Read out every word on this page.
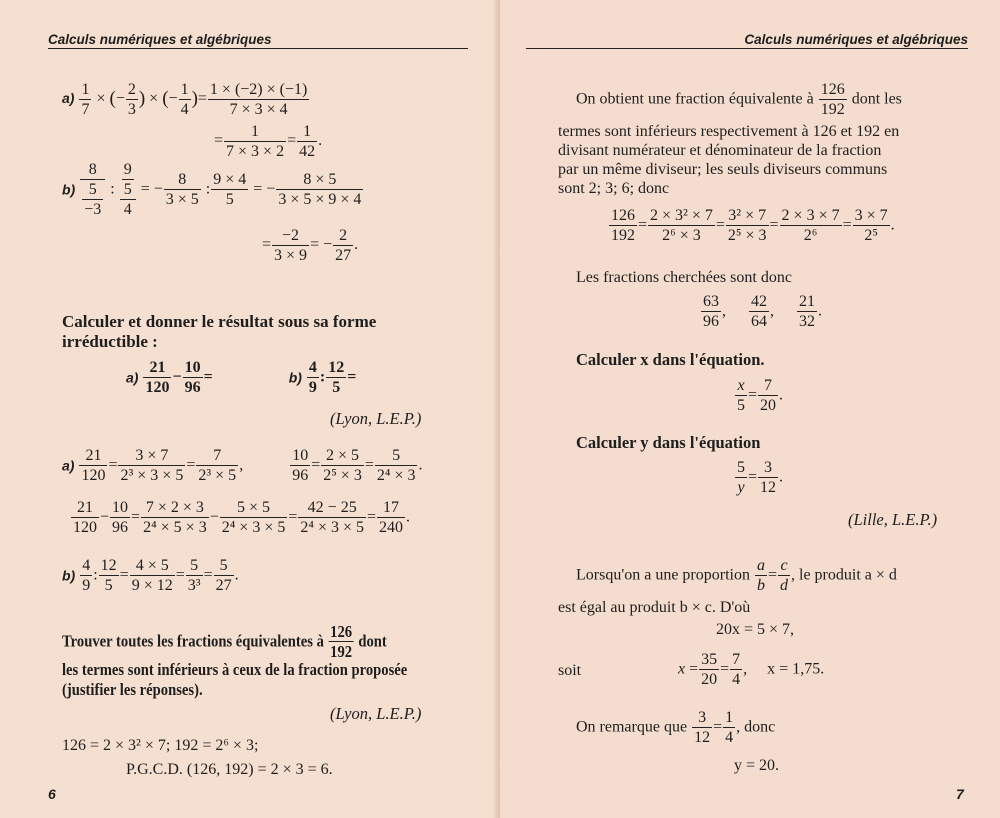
Calculs numériques et algébriques
$a) \frac{1}{7}$ × (− $\frac{2}{3}$ ) × (− $\frac{1}{4}$ )= $\frac{1 \times (-2) \times (-1)}{7 \times 3 \times 4}$
= $\frac{1}{7 \times 3 \times 2} = \frac{1}{42}$ .
$b) \frac{8}{\frac{5}{-3}}$ : $\frac{\frac{9}{5}}{4}$ = − $\frac{8}{3 \times 5}$ : $\frac{9 \times 4}{5}$ = − $\frac{8 \times 5}{3 \times 5 \times 9 \times 4}$
= $\frac{-2}{3 \times 9}$ = − $\frac{2}{27}$ .
Calculer et donner le résultat sous sa forme
irréductible :
$a) \frac{21}{120} - \frac{10}{96}$ =	$b) \frac{4}{9}$ : $\frac{12}{5}$ =
(Lyon, L.E.P.)
$a) \frac{21}{120} = \frac{3 \times 7}{\text{2³ × 3 × 5}} = \frac{7}{\text{2³ × 5}}$ ,	$\frac{10}{96} = \frac{2 \times 5}{\text{2⁵ × 3}} = \frac{5}{\text{2⁴ × 3}}$ .
$\frac{21}{120} - \frac{10}{96} = \frac{7 \times 2 \times 3}{\text{2⁴ × 5 × 3}} - \frac{5 \times 5}{\text{2⁴ × 3 × 5}} = \frac{42 - 25}{\text{2⁴ × 3 × 5}} = \frac{17}{240}$ .
$b) \frac{4}{9}$ : $\frac{12}{5} = \frac{4 \times 5}{9 \times 12} = \frac{5}{\text{3³}} = \frac{5}{27}$ .
Trouver toutes les fractions équivalentes à $\frac{126}{192}$ dont
les termes sont inférieurs à ceux de la fraction proposée
(justifier les réponses).
(Lyon, L.E.P.)
126 = 2 × 3² × 7; 192 = 2⁶ × 3;
P.G.C.D. (126, 192) = 2 × 3 = 6.
6
Calculs numériques et algébriques
On obtient une fraction équivalente à $\frac{126}{192}$ dont les
termes sont inférieurs respectivement à 126 et 192 en
divisant numérateur et dénominateur de la fraction
par un même diviseur; les seuls diviseurs communs
sont 2; 3; 6; donc
$\frac{126}{192} = \frac{\text{2 × 3² × 7}}{\text{2⁶ × 3}} = \frac{\text{3² × 7}}{\text{2⁵ × 3}} = \frac{2 \times 3 \times 7}{\text{2⁶}} = \frac{3 \times 7}{\text{2⁵}}$ .
Les fractions cherchées sont donc
$\frac{63}{96}$ , $\frac{42}{64}$ , $\frac{21}{32}$ .
Calculer x dans l'équation.
$\frac{x}{5} = \frac{7}{20}$ .
Calculer y dans l'équation
$\frac{5}{y} = \frac{3}{12}$ .
(Lille, L.E.P.)
Lorsqu'on a une proportion $\frac{a}{b} = \frac{c}{d}$ , le produit a × d
est égal au produit b × c. D'où
20x = 5 × 7,
soit	$x = \frac{35}{20} = \frac{7}{4}$ , x = 1,75.
On remarque que $\frac{3}{12} = \frac{1}{4}$ , donc
y = 20.
7
